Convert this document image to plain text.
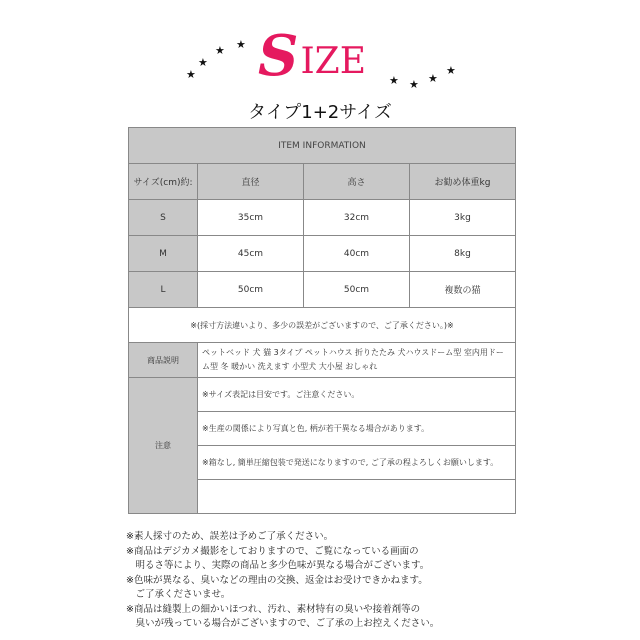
★
★
★ ★
★ ★ ★
★
S IZE
タイプ1+2サイズ
ITEM INFORMATION			
サイズ(cm)約:	直径	高さ	お勧め体重kg
S	35cm	32cm	3kg
M	45cm	40cm	8kg
L	50cm	50cm	複数の猫
※(採寸方法違いより、多少の誤差がございますので、ご了承ください。)※			
商品説明	ペットベッド 犬 猫 3タイプ ペットハウス 折りたたみ 犬ハウスドーム型 室内用ドーム型 冬 暖かい 洗えます 小型犬 大小屋 おしゃれ		
注意	※サイズ表記は目安です。ご注意ください。		
	※生産の関係により写真と色, 柄が若干異なる場合があります。		
	※箱なし, 簡単圧縮包装で発送になりますので, ご了承の程よろしくお願いします。		

※素人採寸のため、誤差は予めご了承ください。
※商品はデジカメ撮影をしておりますので、ご覧になっている画面の
　明るさ等により、実際の商品と多少色味が異なる場合がございます。
※色味が異なる、臭いなどの理由の交換、返金はお受けできかねます。
　ご了承くださいませ。
※商品は縫製上の細かいほつれ、汚れ、素材特有の臭いや接着剤等の
　臭いが残っている場合がございますので、ご了承の上お控えください。
